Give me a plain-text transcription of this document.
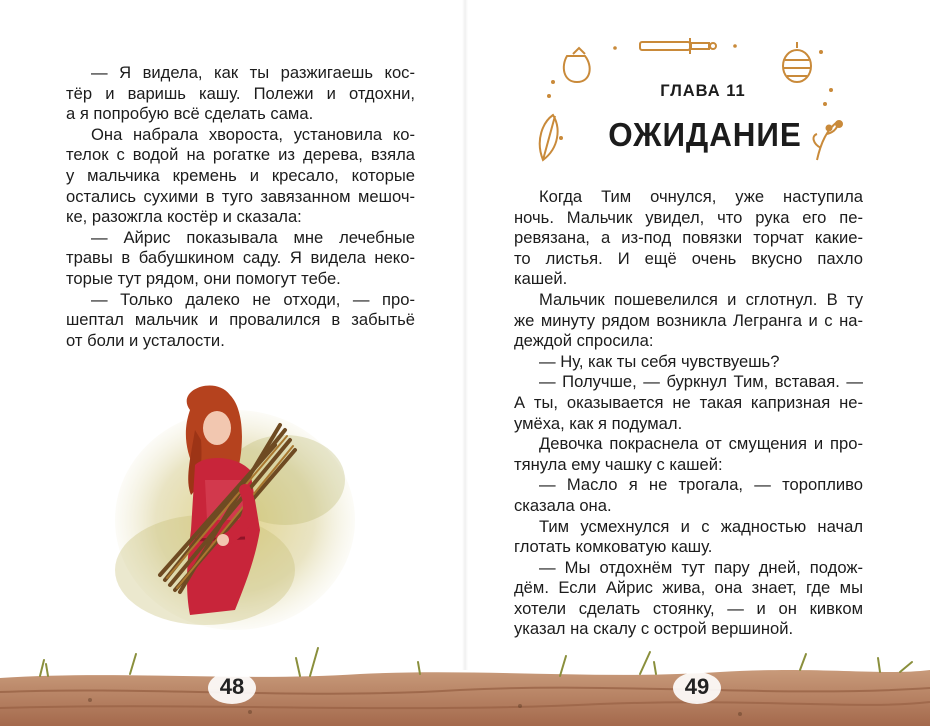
— Я видела, как ты разжигаешь кос-
тёр и варишь кашу. Полежи и отдохни,
а я попробую всё сделать сама.
Она набрала хвороста, установила ко-
телок с водой на рогатке из дерева, взяла
у мальчика кремень и кресало, которые
остались сухими в туго завязанном мешоч-
ке, разожгла костёр и сказала:
— Айрис показывала мне лечебные
травы в бабушкином саду. Я видела неко-
торые тут рядом, они помогут тебе.
— Только далеко не отходи, — про-
шептал мальчик и провалился в забытьё
от боли и усталости.
48
ГЛАВА 11
ОЖИДАНИЕ
Когда Тим очнулся, уже наступила
ночь. Мальчик увидел, что рука его пе-
ревязана, а из-под повязки торчат какие-
то листья. И ещё очень вкусно пахло
кашей.
Мальчик пошевелился и сглотнул. В ту
же минуту рядом возникла Легрангa и с на-
деждой спросила:
— Ну, как ты себя чувствуешь?
— Получше, — буркнул Тим, вставая. —
А ты, оказывается не такая капризная не-
умёха, как я подумал.
Девочка покраснела от смущения и про-
тянула ему чашку с кашей:
— Масло я не трогала, — торопливо
сказала она.
Тим усмехнулся и с жадностью начал
глотать комковатую кашу.
— Мы отдохнём тут пару дней, подож-
дём. Если Айрис жива, она знает, где мы
хотели сделать стоянку, — и он кивком
указал на скалу с острой вершиной.
49
